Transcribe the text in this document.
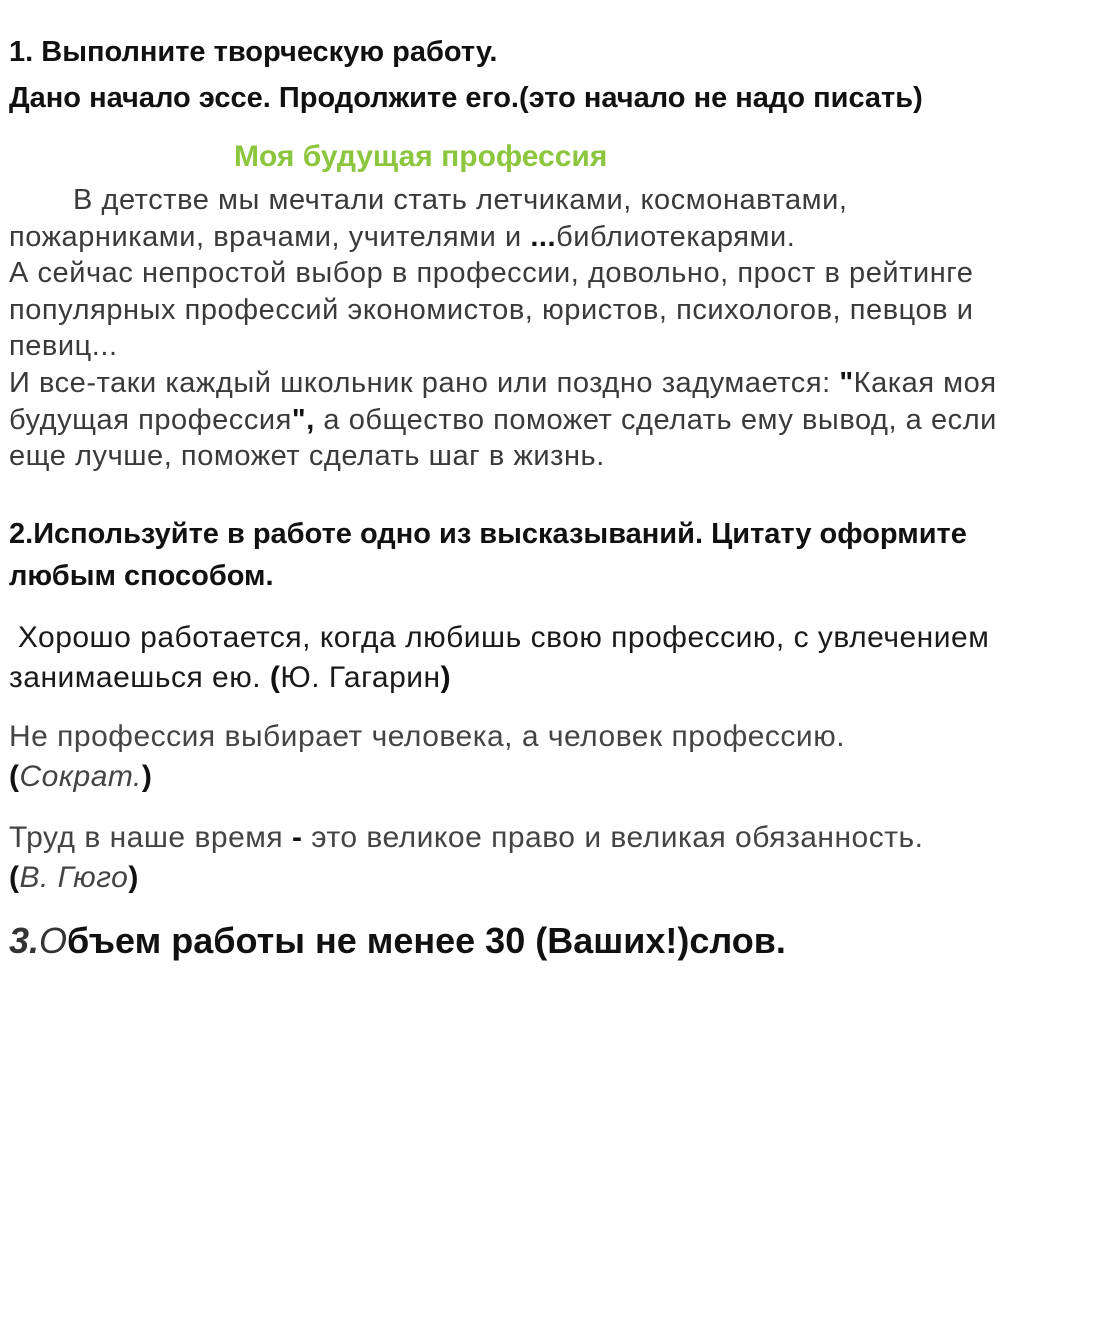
1. Выполните творческую работу.
Дано начало эссе. Продолжите его.(это начало не надо писать)
Моя будущая профессия

В детстве мы мечтали стать летчиками, космонавтами,

пожарниками, врачами, учителями и ...библиотекарями.

А сейчас непростой выбор в профессии, довольно, прост в рейтинге

популярных профессий экономистов, юристов, психологов, певцов и

певиц...

И все-таки каждый школьник рано или поздно задумается: "Какая моя

будущая профессия", а общество поможет сделать ему вывод, а если

еще лучше, поможет сделать шаг в жизнь.

2.Используйте в работе одно из высказываний. Цитату оформите
любым способом.

Хорошо работается, когда любишь свою профессию, с увлечением

занимаешься ею. (Ю. Гагарин)

Не профессия выбирает человека, а человек профессию.

(Сократ.)

Труд в наше время - это великое право и великая обязанность.

(В. Гюго)

3.Объем работы не менее 30 (Ваших!)слов.
